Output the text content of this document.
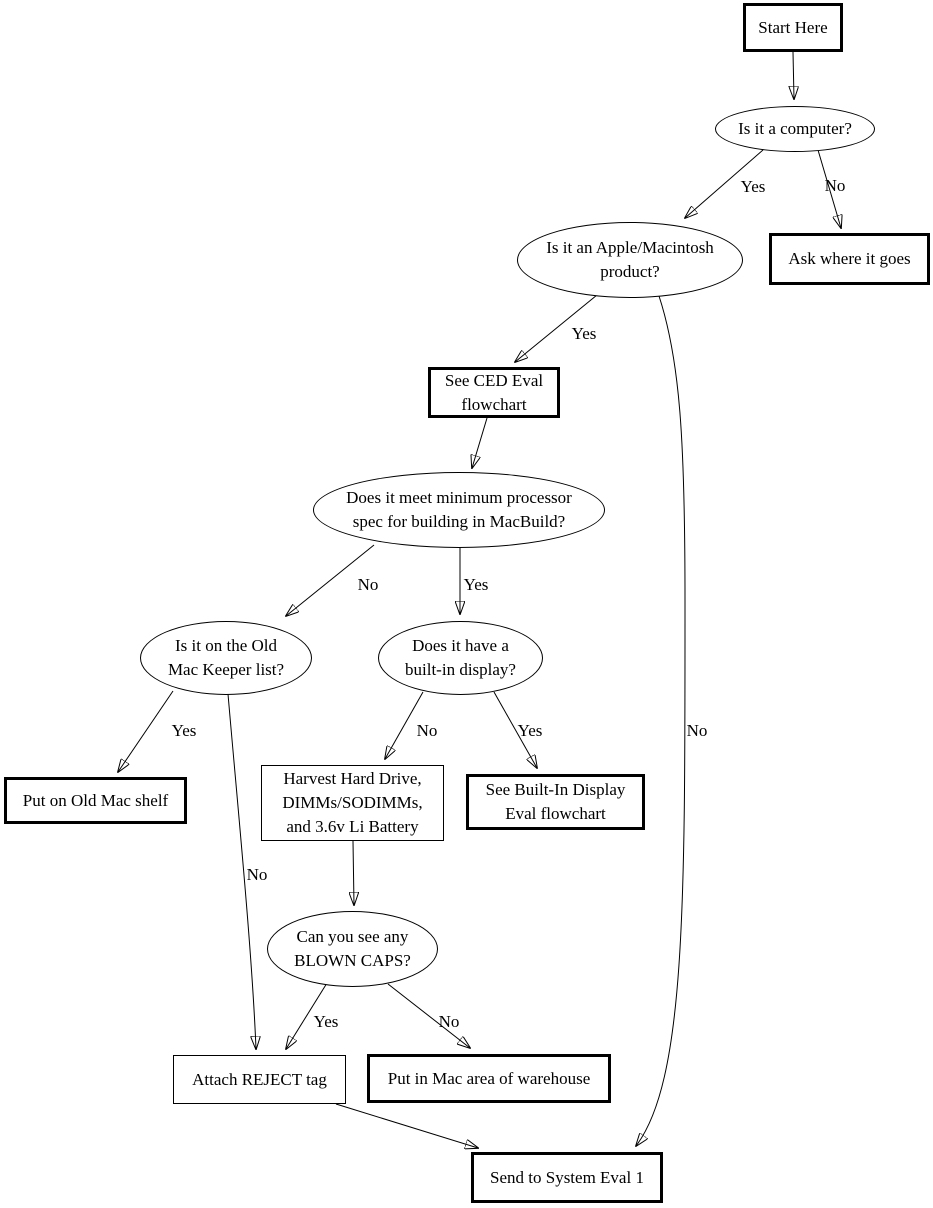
Start Here
Is it a computer?
Ask where it goes
Is it an Apple/Macintosh
product?
See CED Eval
flowchart
Does it meet minimum processor
spec for building in MacBuild?
Is it on the Old
Mac Keeper list?
Does it have a
built-in display?
Put on Old Mac shelf
Harvest Hard Drive,
DIMMs/SODIMMs,
and 3.6v Li Battery
See Built-In Display
Eval flowchart
Can you see any
BLOWN CAPS?
Attach REJECT tag	Put in Mac area of warehouse
Send to System Eval 1
Yes	No
Yes
No
No	Yes
Yes
No
No	Yes
Yes	No
